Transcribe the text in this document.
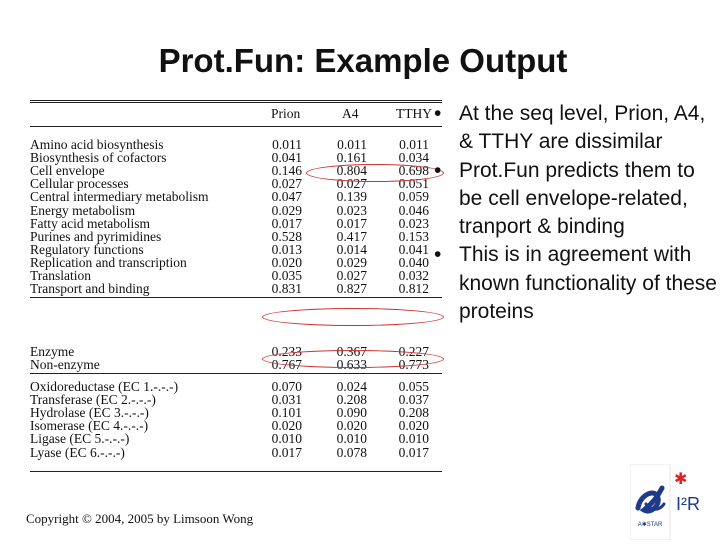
Prot.Fun: Example Output
Prion	A4	TTHY
Amino acid biosynthesis	0.011	0.011	0.011
Biosynthesis of cofactors	0.041	0.161	0.034
Cell envelope	0.146	0.804	0.698
Cellular processes	0.027	0.027	0.051
Central intermediary metabolism	0.047	0.139	0.059
Energy metabolism	0.029	0.023	0.046
Fatty acid metabolism	0.017	0.017	0.023
Purines and pyrimidines	0.528	0.417	0.153
Regulatory functions	0.013	0.014	0.041
Replication and transcription	0.020	0.029	0.040
Translation	0.035	0.027	0.032
Transport and binding	0.831	0.827	0.812
Enzyme	0.233	0.367	0.227
Non-enzyme	0.767	0.633	0.773
Oxidoreductase (EC 1.-.-.-)	0.070	0.024	0.055
Transferase (EC 2.-.-.-)	0.031	0.208	0.037
Hydrolase (EC 3.-.-.-)	0.101	0.090	0.208
Isomerase (EC 4.-.-.-)	0.020	0.020	0.020
Ligase (EC 5.-.-.-)	0.010	0.010	0.010
Lyase (EC 6.-.-.-)	0.017	0.078	0.017
• At the seq level, Prion, A4, & TTHY are dissimilar
• Prot.Fun predicts them to be cell envelope-related, tranport & binding
• This is in agreement with known functionality of these proteins
Copyright © 2004, 2005 by Limsoon Wong	A✱STAR
✱
I²R
